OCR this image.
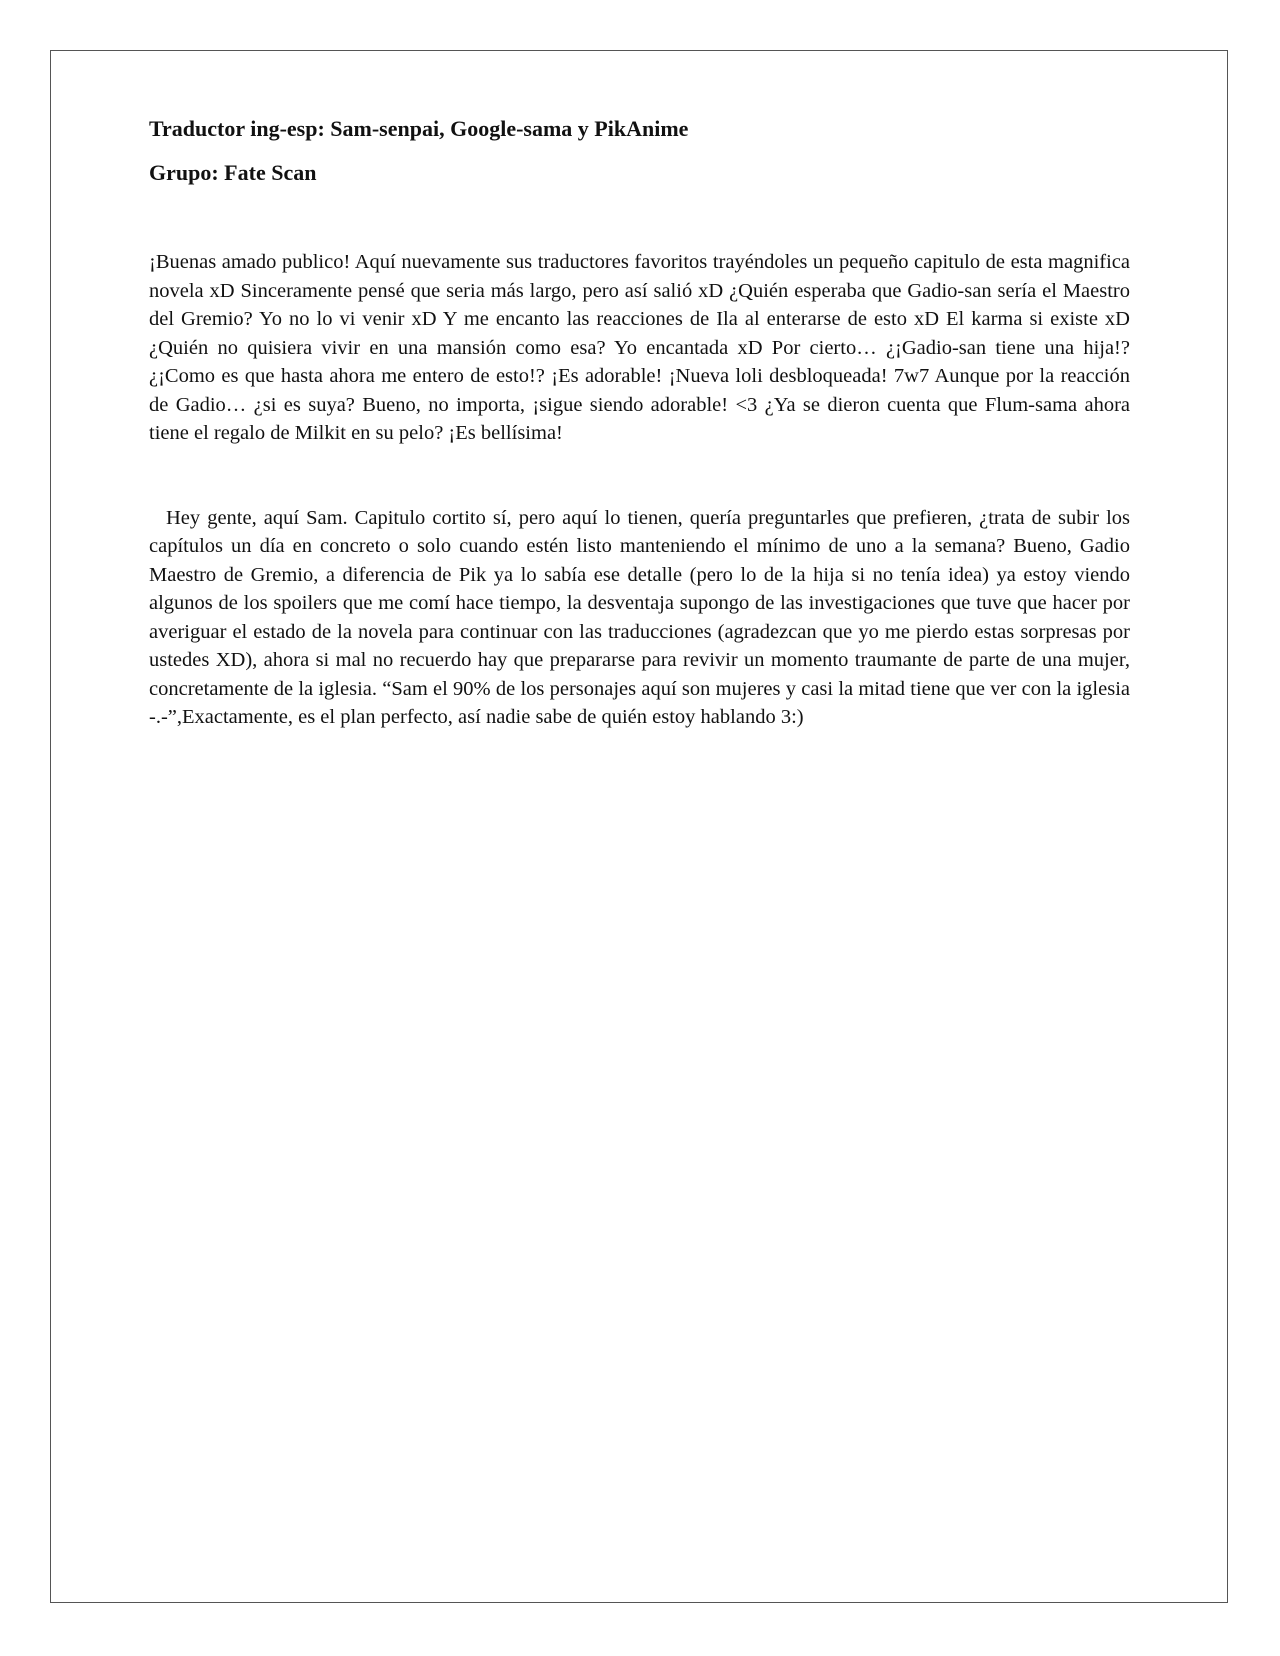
Traductor ing-esp: Sam-senpai, Google-sama y PikAnime

Grupo: Fate Scan

¡Buenas amado publico! Aquí nuevamente sus traductores favoritos trayéndoles un pequeño capitulo de esta magnifica novela xD Sinceramente pensé que seria más largo, pero así salió xD ¿Quién esperaba que Gadio-san sería el Maestro del Gremio? Yo no lo vi venir xD Y me encanto las reacciones de Ila al enterarse de esto xD El karma si existe xD ¿Quién no quisiera vivir en una mansión como esa? Yo encantada xD Por cierto… ¿¡Gadio-san tiene una hija!? ¿¡Como es que hasta ahora me entero de esto!? ¡Es adorable! ¡Nueva loli desbloqueada! 7w7 Aunque por la reacción de Gadio… ¿si es suya? Bueno, no importa, ¡sigue siendo adorable! <3 ¿Ya se dieron cuenta que Flum-sama ahora tiene el regalo de Milkit en su pelo? ¡Es bellísima!

Hey gente, aquí Sam. Capitulo cortito sí, pero aquí lo tienen, quería preguntarles que prefieren, ¿trata de subir los capítulos un día en concreto o solo cuando estén listo manteniendo el mínimo de uno a la semana? Bueno, Gadio Maestro de Gremio, a diferencia de Pik ya lo sabía ese detalle (pero lo de la hija si no tenía idea) ya estoy viendo algunos de los spoilers que me comí hace tiempo, la desventaja supongo de las investigaciones que tuve que hacer por averiguar el estado de la novela para continuar con las traducciones (agradezcan que yo me pierdo estas sorpresas por ustedes XD), ahora si mal no recuerdo hay que prepararse para revivir un momento traumante de parte de una mujer, concretamente de la iglesia. “Sam el 90% de los personajes aquí son mujeres y casi la mitad tiene que ver con la iglesia -.-”,Exactamente, es el plan perfecto, así nadie sabe de quién estoy hablando 3:)
